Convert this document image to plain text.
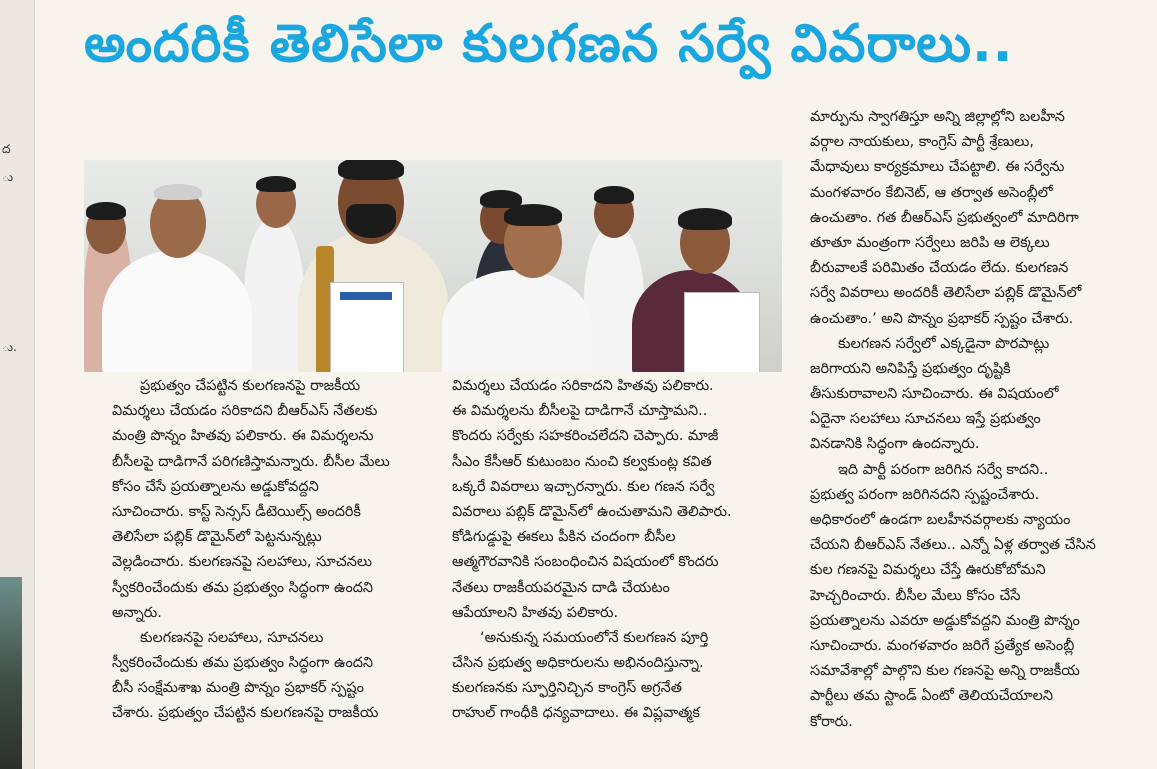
ద
ు
ు.
అందరికీ తెలిసేలా కులగణన సర్వే వివరాలు..
ప్రభుత్వం చేపట్టిన కులగణనపై రాజకీయ
విమర్శలు చేయడం సరికాదని బీఆర్ఎస్ నేతలకు
మంత్రి పొన్నం హితవు పలికారు. ఈ విమర్శలను
బీసీలపై దాడిగానే పరిగణిస్తామన్నారు. బీసీల మేలు
కోసం చేసే ప్రయత్నాలను అడ్డుకోవద్దని
సూచించారు. కాస్ట్ సెన్సస్ డీటెయిల్స్ అందరికీ
తెలిసేలా పబ్లిక్ డొమైన్‌లో పెట్టనున్నట్లు
వెల్లడించారు. కులగణనపై సలహాలు, సూచనలు
స్వీకరించేందుకు తమ ప్రభుత్వం సిద్ధంగా ఉందని
అన్నారు.
కులగణనపై సలహాలు, సూచనలు
స్వీకరించేందుకు తమ ప్రభుత్వం సిద్ధంగా ఉందని
బీసీ సంక్షేమశాఖ మంత్రి పొన్నం ప్రభాకర్ స్పష్టం
చేశారు. ప్రభుత్వం చేపట్టిన కులగణనపై రాజకీయ
విమర్శలు చేయడం సరికాదని హితవు పలికారు.
ఈ విమర్శలను బీసీలపై దాడిగానే చూస్తామని..
కొందరు సర్వేకు సహకరించలేదని చెప్పారు. మాజీ
సీఎం కేసీఆర్ కుటుంబం నుంచి కల్వకుంట్ల కవిత
ఒక్కరే వివరాలు ఇచ్చారన్నారు. కుల గణన సర్వే
వివరాలు పబ్లిక్ డొమైన్‌లో ఉంచుతామని తెలిపారు.
కోడిగుడ్డుపై ఈకలు పీకిన చందంగా బీసీల
ఆత్మగౌరవానికి సంబంధించిన విషయంలో కొందరు
నేతలు రాజకీయపరమైన దాడి చేయటం
ఆపేయాలని హితవు పలికారు.
‘అనుకున్న సమయంలోనే కులగణన పూర్తి
చేసిన ప్రభుత్వ అధికారులను అభినందిస్తున్నా.
కులగణనకు స్ఫూర్తినిచ్చిన కాంగ్రెస్ అగ్రనేత
రాహుల్ గాంధీకి ధన్యవాదాలు. ఈ విప్లవాత్మక
మార్పును స్వాగతిస్తూ అన్ని జిల్లాల్లోని బలహీన
వర్గాల నాయకులు, కాంగ్రెస్ పార్టీ శ్రేణులు,
మేధావులు కార్యక్రమాలు చేపట్టాలి. ఈ సర్వేను
మంగళవారం కేబినెట్, ఆ తర్వాత అసెంబ్లీలో
ఉంచుతాం. గత బీఆర్ఎస్ ప్రభుత్వంలో మాదిరిగా
తూతూ మంత్రంగా సర్వేలు జరిపి ఆ లెక్కలు
బీరువాలకే పరిమితం చేయడం లేదు. కులగణన
సర్వే వివరాలు అందరికీ తెలిసేలా పబ్లిక్ డొమైన్‌లో
ఉంచుతాం.’ అని పొన్నం ప్రభాకర్ స్పష్టం చేశారు.
కులగణన సర్వేలో ఎక్కడైనా పొరపాట్లు
జరిగాయని అనిపిస్తే ప్రభుత్వం దృష్టికి
తీసుకురావాలని సూచించారు. ఈ విషయంలో
ఏదైనా సలహాలు సూచనలు ఇస్తే ప్రభుత్వం
వినడానికి సిద్ధంగా ఉందన్నారు.
ఇది పార్టీ పరంగా జరిగిన సర్వే కాదని..
ప్రభుత్వ పరంగా జరిగినదని స్పష్టంచేశారు.
అధికారంలో ఉండగా బలహీనవర్గాలకు న్యాయం
చేయని బీఆర్ఎస్ నేతలు.. ఎన్నో ఏళ్ల తర్వాత చేసిన
కుల గణనపై విమర్శలు చేస్తే ఊరుకోబోమని
హెచ్చరించారు. బీసీల మేలు కోసం చేసే
ప్రయత్నాలను ఎవరూ అడ్డుకోవద్దని మంత్రి పొన్నం
సూచించారు. మంగళవారం జరిగే ప్రత్యేక అసెంబ్లీ
సమావేశాల్లో పాల్గొని కుల గణనపై అన్ని రాజకీయ
పార్టీలు తమ స్టాండ్ ఏంటో తెలియచేయాలని
కోరారు.
